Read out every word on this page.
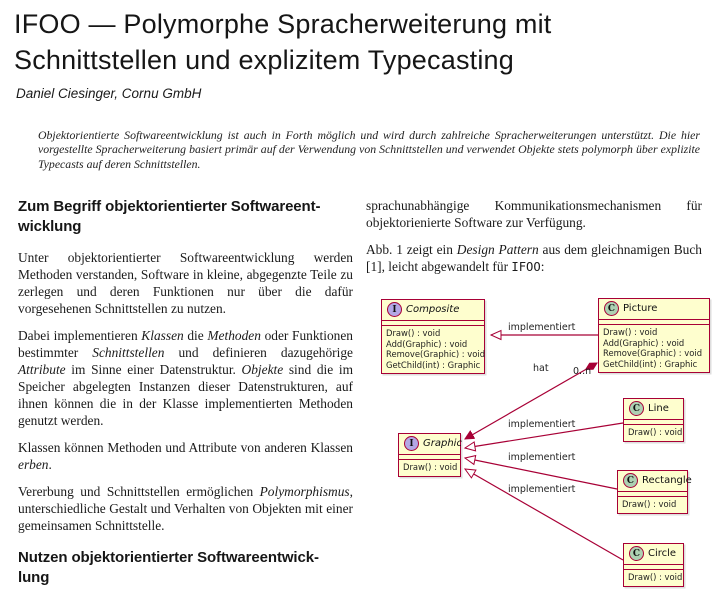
IFOO — Polymorphe Spracherweiterung mit
Schnittstellen und explizitem Typecasting
Daniel Ciesinger, Cornu GmbH
Objektorientierte Softwareentwicklung ist auch in Forth möglich und wird durch zahlreiche Spracherweiterungen unterstützt. Die hier vorgestellte Spracherweiterung basiert primär auf der Verwendung von Schnittstellen und verwendet Objekte stets polymorph über explizite Typecasts auf deren Schnittstellen.
Zum Begriff objektorientierter Softwareent-
wicklung

Unter objektorientierter Softwareentwicklung werden Methoden verstanden, Software in kleine, abgegenzte Teile zu zerlegen und deren Funktionen nur über die dafür vorgesehenen Schnittstellen zu nutzen.

Dabei implementieren Klassen die Methoden oder Funktionen bestimmter Schnittstellen und definieren dazugehörige Attribute im Sinne einer Datenstruktur. Objekte sind die im Speicher abgelegten Instanzen dieser Datenstrukturen, auf ihnen können die in der Klasse implementierten Methoden genutzt werden.

Klassen können Methoden und Attribute von anderen Klassen erben.

Vererbung und Schnittstellen ermöglichen Polymorphismus, unterschiedliche Gestalt und Verhalten von Objekten mit einer gemeinsamen Schnittstelle.

Nutzen objektorientierter Softwareentwick-
lung

sprachunabhängige Kommunikationsmechanismen für objektorienierte Software zur Verfügung.

Abb. 1 zeigt ein Design Pattern aus dem gleichnamigen Buch [1], leicht abgewandelt für IFOO:

implementiert
hat	0..n
implementiert
implementiert
implementiert
I Composite
Draw() : void
Add(Graphic) : void
Remove(Graphic) : void
GetChild(int) : Graphic
C Picture
Draw() : void
Add(Graphic) : void
Remove(Graphic) : void
GetChild(int) : Graphic
I Graphic
Draw() : void
C Line
Draw() : void
C Rectangle
Draw() : void
C Circle
Draw() : void
